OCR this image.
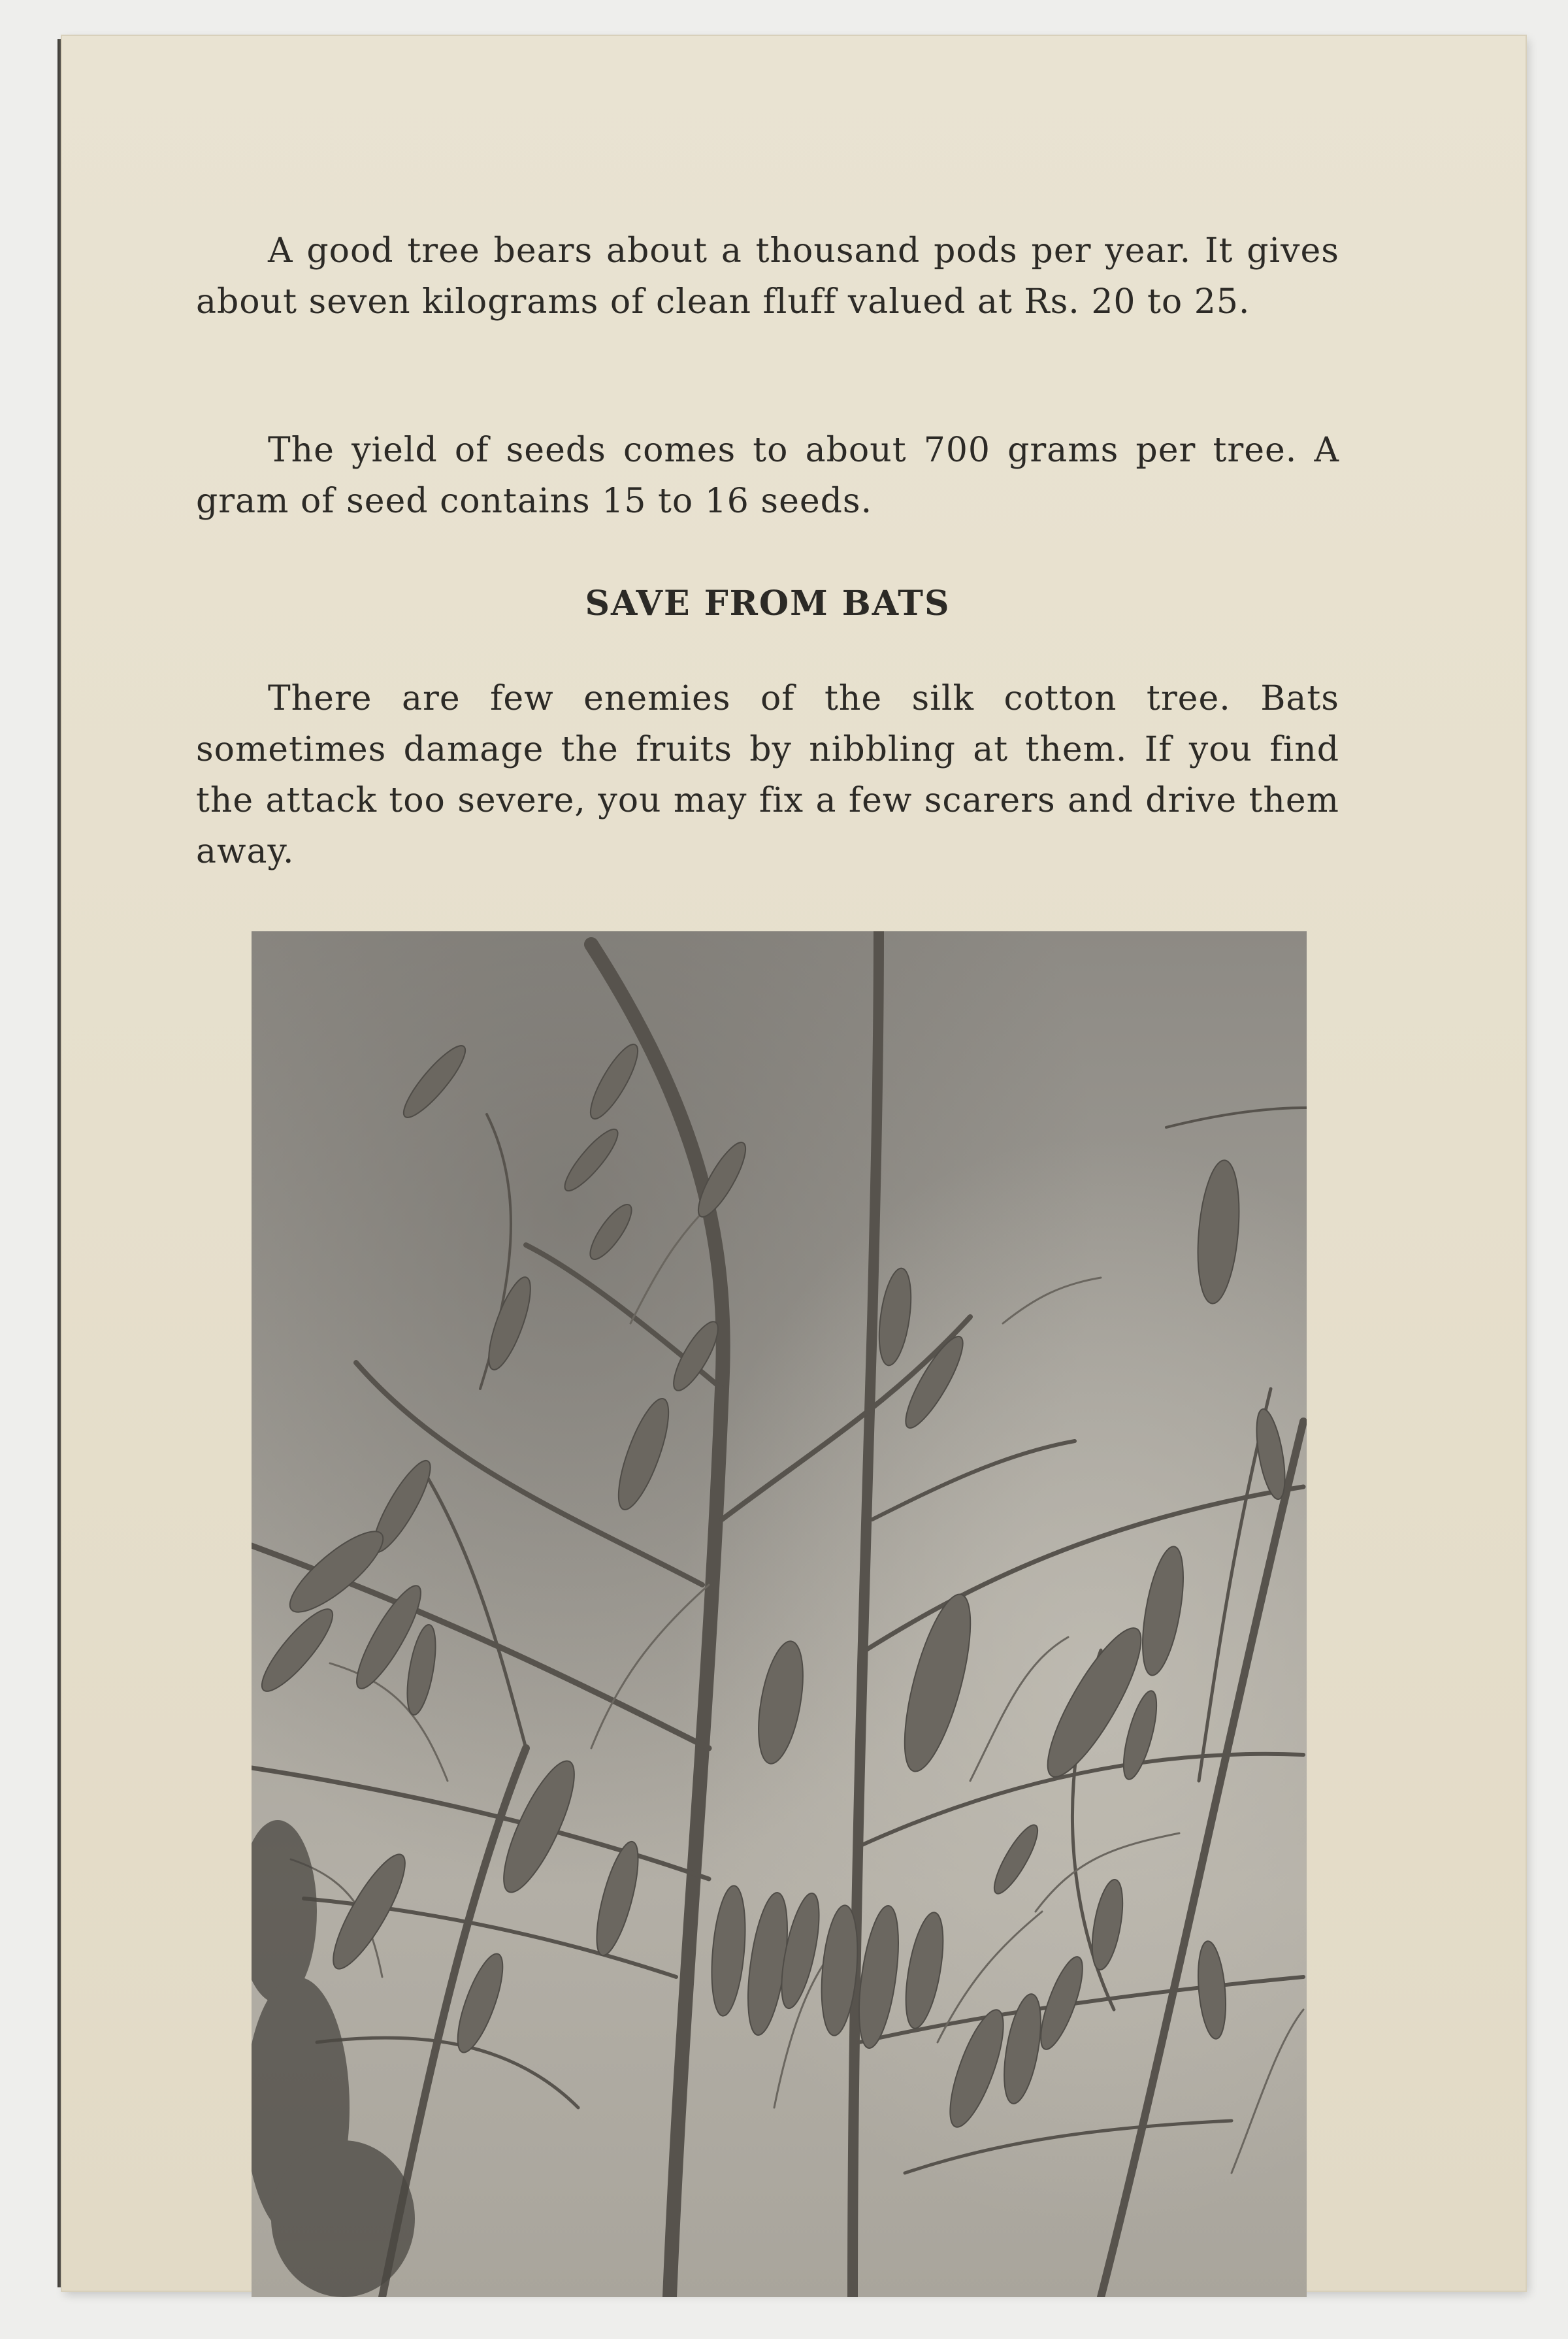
A good tree bears about a thousand pods per year. It gives about seven kilograms of clean fluff valued at Rs. 20 to 25.

The yield of seeds comes to about 700 grams per tree. A gram of seed contains 15 to 16 seeds.

SAVE FROM BATS

There are few enemies of the silk cotton tree. Bats sometimes damage the fruits by nibbling at them. If you find the attack too severe, you may fix a few scarers and drive them away.
